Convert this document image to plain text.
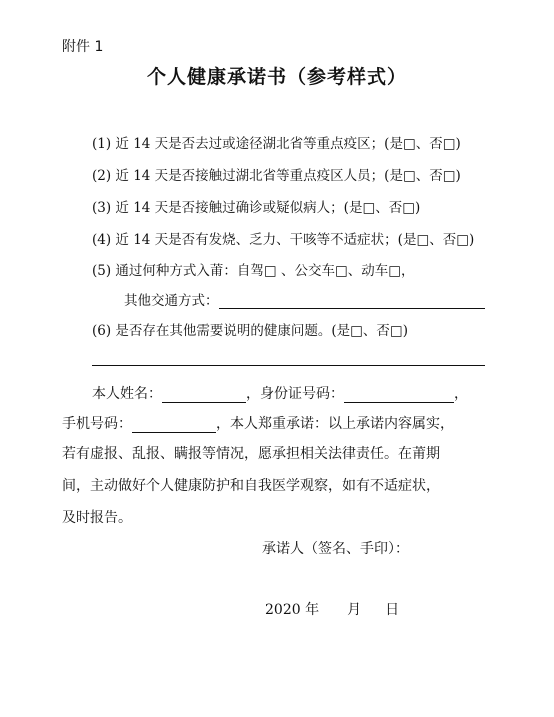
附件 1
个人健康承诺书（参考样式）
(1) 近 14 天是否去过或途径湖北省等重点疫区；(是□、否□)
(2) 近 14 天是否接触过湖北省等重点疫区人员；(是□、否□)
(3) 近 14 天是否接触过确诊或疑似病人；(是□、否□)
(4) 近 14 天是否有发烧、乏力、干咳等不适症状；(是□、否□)
(5) 通过何种方式入莆：自驾□ 、公交车□、动车□，
其他交通方式：
(6) 是否存在其他需要说明的健康问题。(是□、否□)
本人姓名：	，身份证号码：	，
手机号码：	，本人郑重承诺：以上承诺内容属实，
若有虚报、乱报、瞒报等情况，愿承担相关法律责任。在莆期
间，主动做好个人健康防护和自我医学观察，如有不适症状，
及时报告。
承诺人（签名、手印）：
2020 年 月 日
